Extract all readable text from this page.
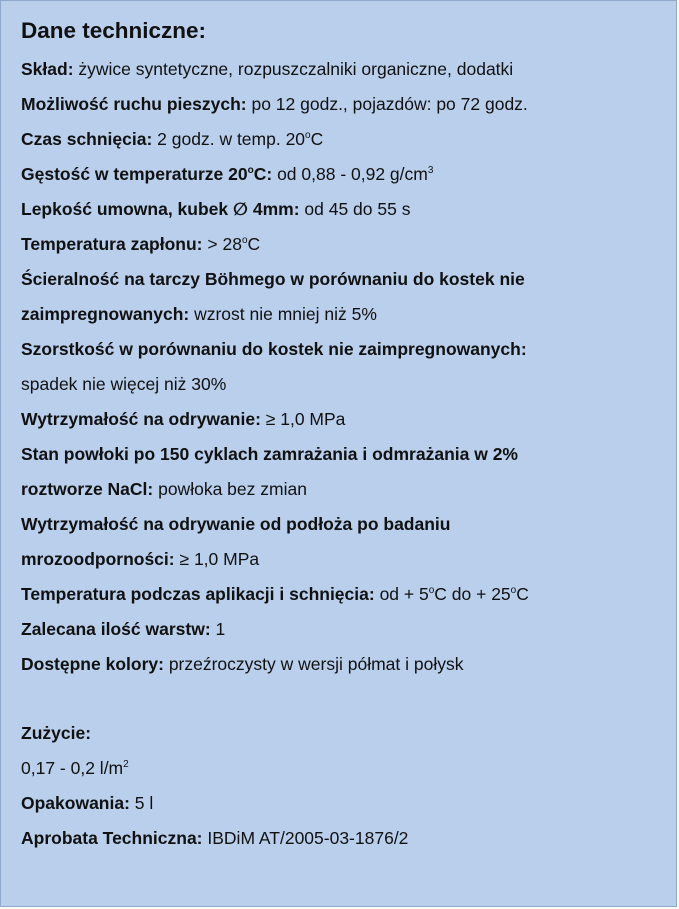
Dane techniczne:
Skład: żywice syntetyczne, rozpuszczalniki organiczne, dodatki
Możliwość ruchu pieszych: po 12 godz., pojazdów: po 72 godz.
Czas schnięcia: 2 godz. w temp. 20$^o$C
Gęstość w temperaturze 20$^o$C: od 0,88 - 0,92 $g/cm^3$
Lepkość umowna, kubek ∅ 4mm: od 45 do 55 s
Temperatura zapłonu: > $28^oC$
Ścieralność na tarczy Böhmego w porównaniu do kostek nie
zaimpregnowanych: wzrost nie mniej niż 5%
Szorstkość w porównaniu do kostek nie zaimpregnowanych:
spadek nie więcej niż 30%
Wytrzymałość na odrywanie: ≥ 1,0 MPa
Stan powłoki po 150 cyklach zamrażania i odmrażania w 2%
roztworze NaCl: powłoka bez zmian
Wytrzymałość na odrywanie od podłoża po badaniu
mrozoodporności: ≥ 1,0 MPa
Temperatura podczas aplikacji i schnięcia: od + $5^oC$ do + $25^oC$
Zalecana ilość warstw: 1
Dostępne kolory: przeźroczysty w wersji półmat i połysk
Zużycie:
0,17 - 0,2 $l/m^2$
Opakowania: 5 l
Aprobata Techniczna: IBDiM AT/2005-03-1876/2
